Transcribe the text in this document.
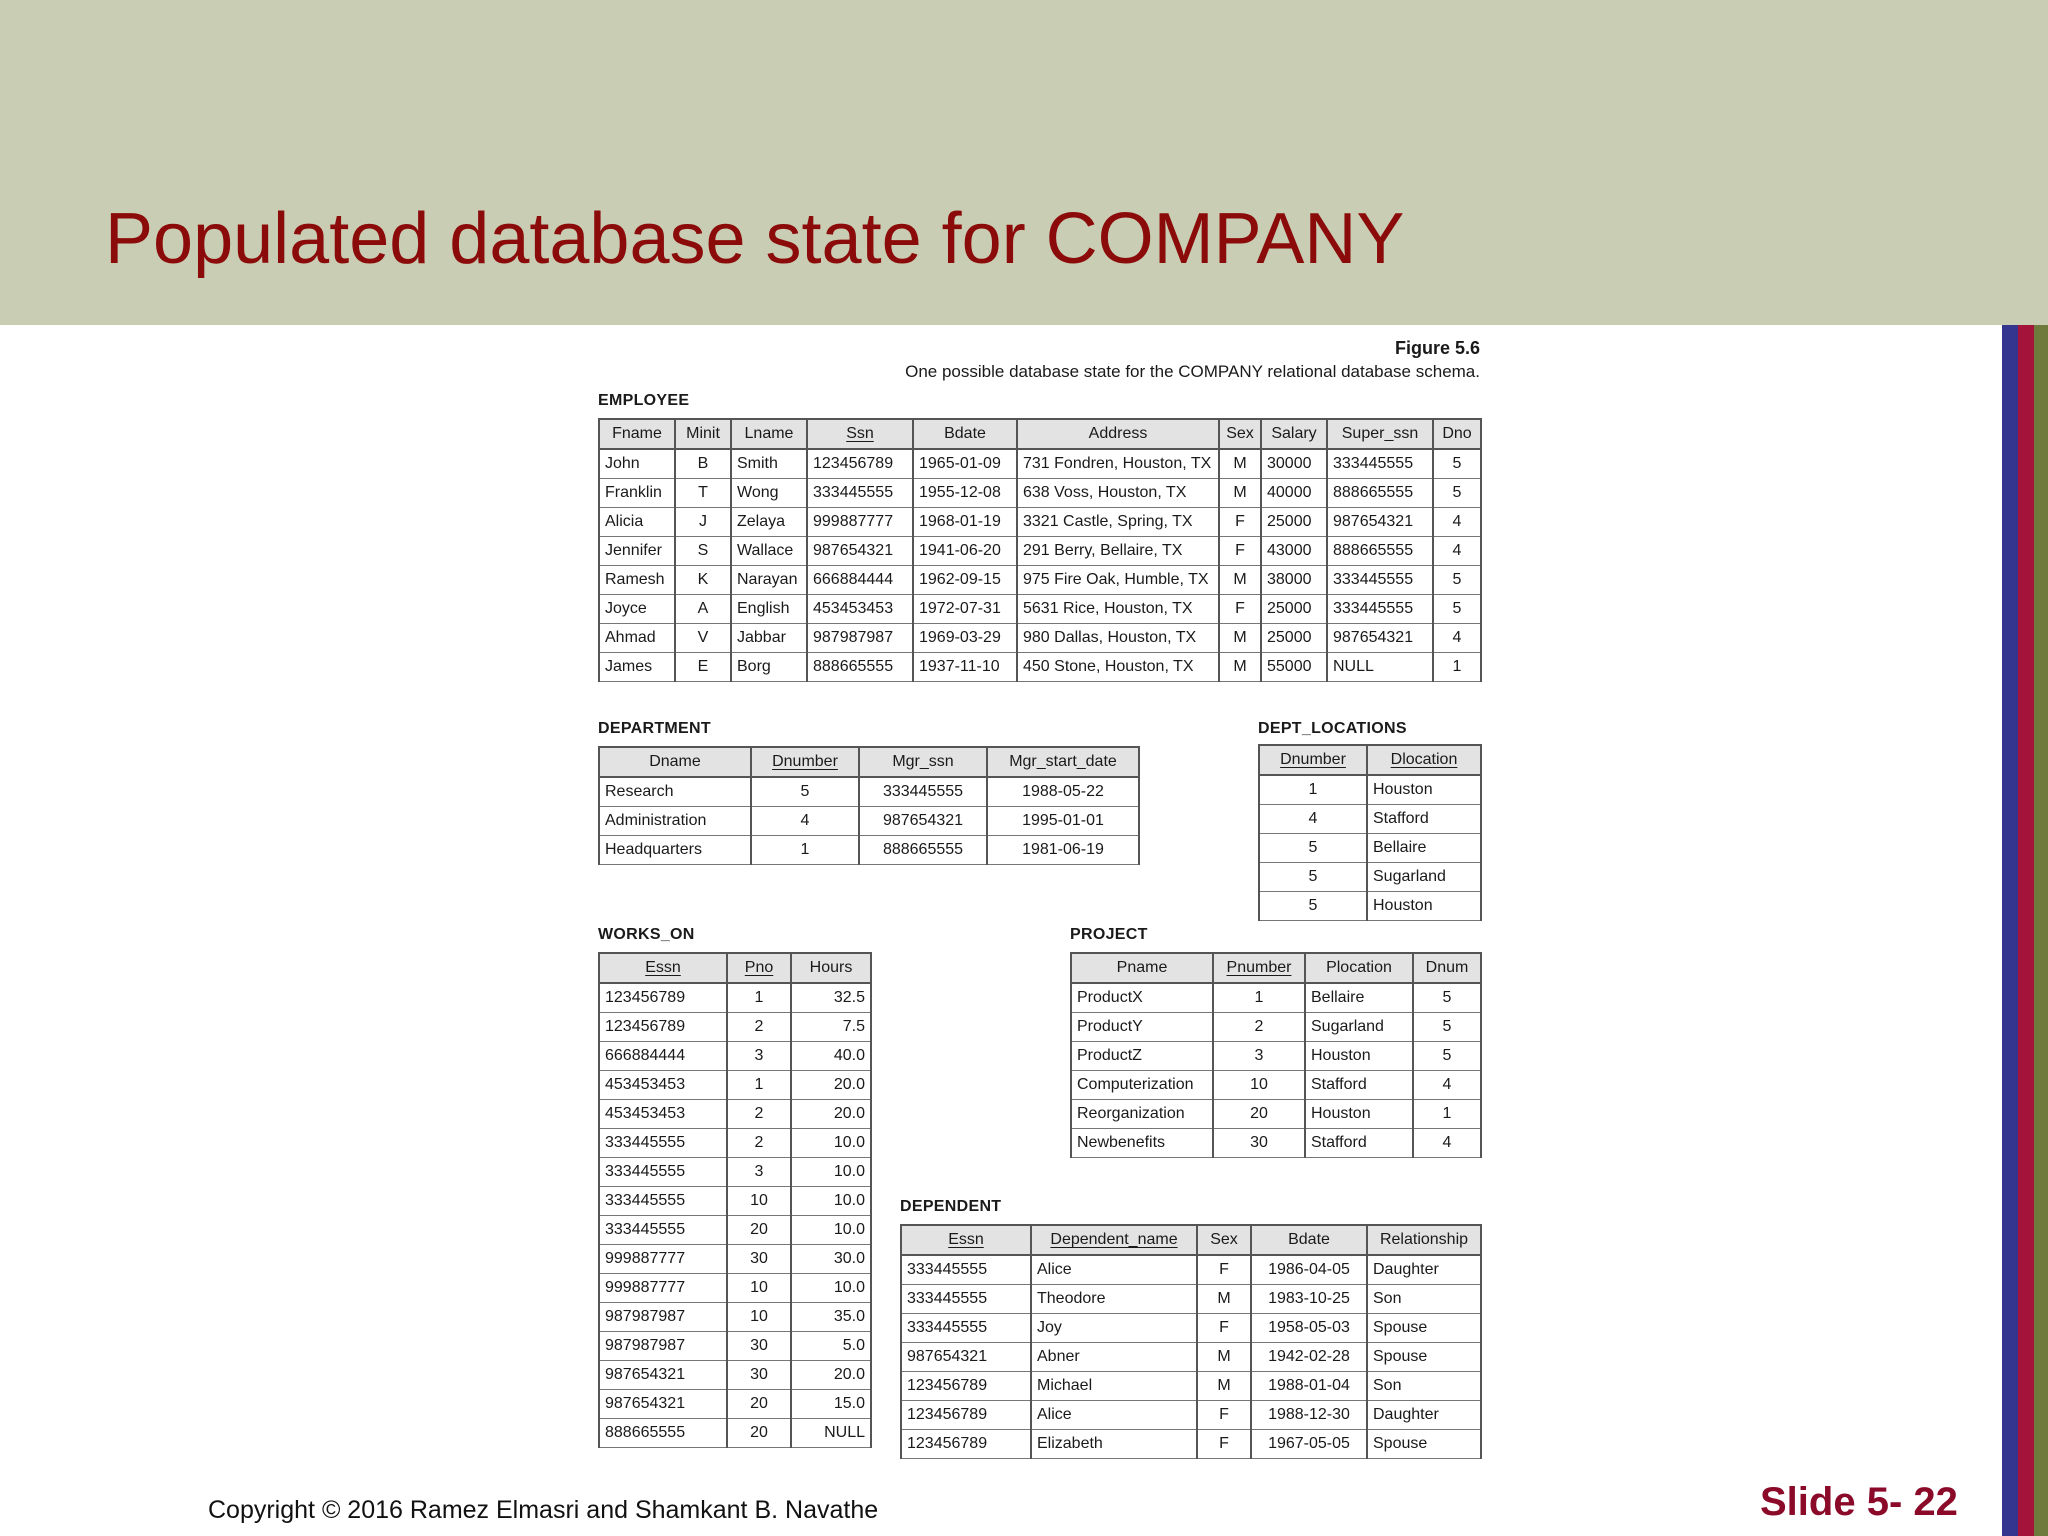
Populated database state for COMPANY
Figure 5.6
One possible database state for the COMPANY relational database schema.
EMPLOYEE
Fname	Minit	Lname	Ssn	Bdate	Address	Sex	Salary	Super_ssn	Dno
John	B	Smith	123456789	1965-01-09	731 Fondren, Houston, TX	M	30000	333445555	5
Franklin	T	Wong	333445555	1955-12-08	638 Voss, Houston, TX	M	40000	888665555	5
Alicia	J	Zelaya	999887777	1968-01-19	3321 Castle, Spring, TX	F	25000	987654321	4
Jennifer	S	Wallace	987654321	1941-06-20	291 Berry, Bellaire, TX	F	43000	888665555	4
Ramesh	K	Narayan	666884444	1962-09-15	975 Fire Oak, Humble, TX	M	38000	333445555	5
Joyce	A	English	453453453	1972-07-31	5631 Rice, Houston, TX	F	25000	333445555	5
Ahmad	V	Jabbar	987987987	1969-03-29	980 Dallas, Houston, TX	M	25000	987654321	4
James	E	Borg	888665555	1937-11-10	450 Stone, Houston, TX	M	55000	NULL	1
DEPARTMENT
Dname	Dnumber	Mgr_ssn	Mgr_start_date
Research	5	333445555	1988-05-22
Administration	4	987654321	1995-01-01
Headquarters	1	888665555	1981-06-19
DEPT_LOCATIONS
Dnumber	Dlocation
1	Houston
4	Stafford
5	Bellaire
5	Sugarland
5	Houston
WORKS_ON
Essn	Pno	Hours
123456789	1	32.5
123456789	2	7.5
666884444	3	40.0
453453453	1	20.0
453453453	2	20.0
333445555	2	10.0
333445555	3	10.0
333445555	10	10.0
333445555	20	10.0
999887777	30	30.0
999887777	10	10.0
987987987	10	35.0
987987987	30	5.0
987654321	30	20.0
987654321	20	15.0
888665555	20	NULL
PROJECT
Pname	Pnumber	Plocation	Dnum
ProductX	1	Bellaire	5
ProductY	2	Sugarland	5
ProductZ	3	Houston	5
Computerization	10	Stafford	4
Reorganization	20	Houston	1
Newbenefits	30	Stafford	4
DEPENDENT
Essn	Dependent_name	Sex	Bdate	Relationship
333445555	Alice	F	1986-04-05	Daughter
333445555	Theodore	M	1983-10-25	Son
333445555	Joy	F	1958-05-03	Spouse
987654321	Abner	M	1942-02-28	Spouse
123456789	Michael	M	1988-01-04	Son
123456789	Alice	F	1988-12-30	Daughter
123456789	Elizabeth	F	1967-05-05	Spouse
Copyright © 2016 Ramez Elmasri and Shamkant B. Navathe	Slide 5- 22
